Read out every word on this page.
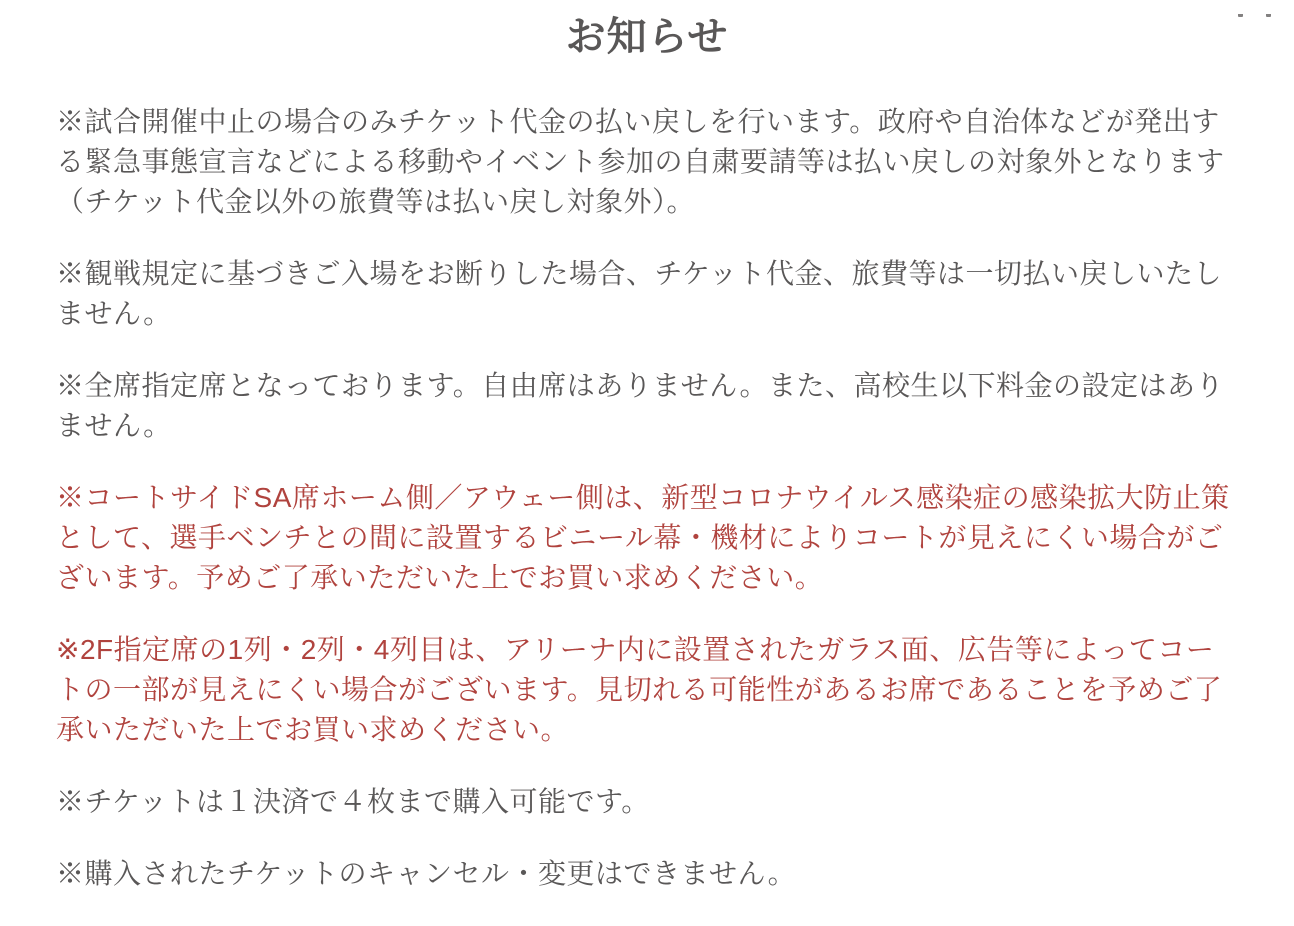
お知らせ

※試合開催中止の場合のみチケット代金の払い戻しを行います。政府や自治体などが発出する緊急事態宣言などによる移動やイベント参加の自粛要請等は払い戻しの対象外となります（チケット代金以外の旅費等は払い戻し対象外）。

※観戦規定に基づきご入場をお断りした場合、チケット代金、旅費等は一切払い戻しいたしません。

※全席指定席となっております。自由席はありません。また、高校生以下料金の設定はありません。

※コートサイドSA席ホーム側／アウェー側は、新型コロナウイルス感染症の感染拡大防止策として、選手ベンチとの間に設置するビニール幕・機材によりコートが見えにくい場合がございます。予めご了承いただいた上でお買い求めください。

※2F指定席の1列・2列・4列目は、アリーナ内に設置されたガラス面、広告等によってコートの一部が見えにくい場合がございます。見切れる可能性があるお席であることを予めご了承いただいた上でお買い求めください。

※チケットは１決済で４枚まで購入可能です。

※購入されたチケットのキャンセル・変更はできません。
